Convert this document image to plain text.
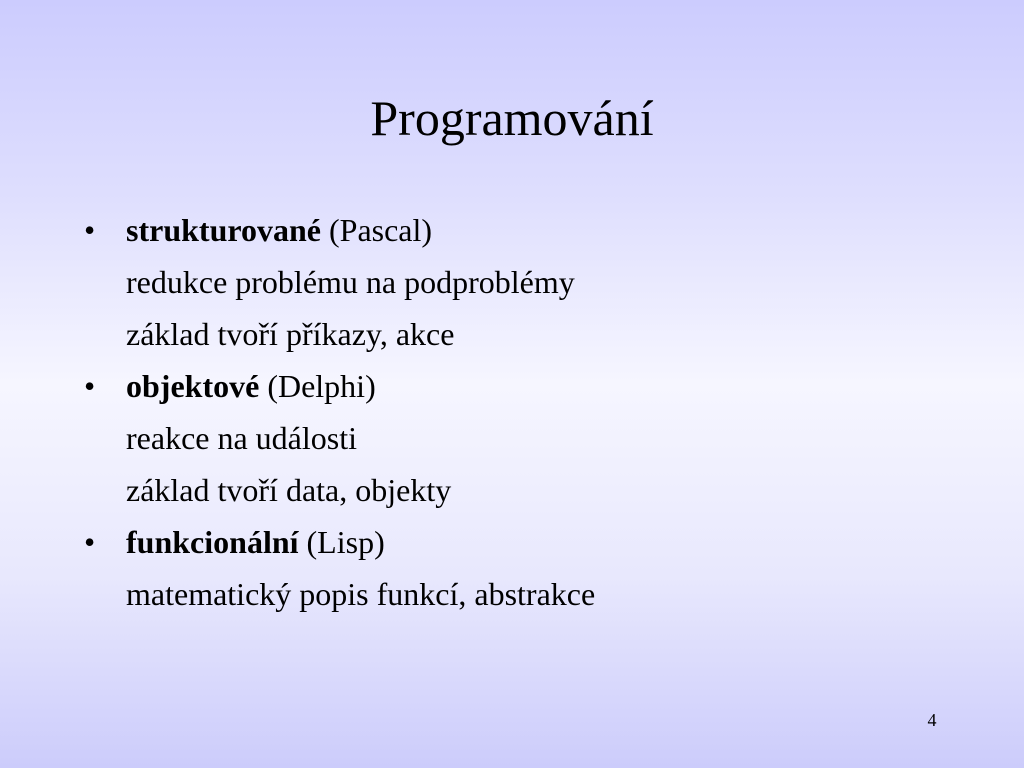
Programování
• strukturované (Pascal)
redukce problému na podproblémy
základ tvoří příkazy, akce
• objektové (Delphi)
reakce na události
základ tvoří data, objekty
• funkcionální (Lisp)
matematický popis funkcí, abstrakce
4
